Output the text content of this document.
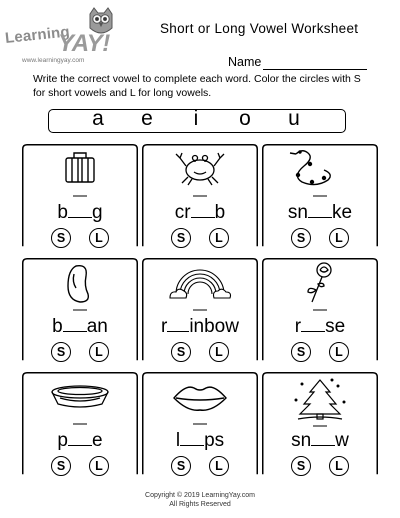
Learning
YAY!
www.learningyay.com
Short or Long Vowel Worksheet
Name
Write the correct vowel to complete each word. Color the circles with S for short vowels and L for long vowels.
a e i o u
b g
S	L
cr b
S	L
sn ke
S	L
b an
S	L
r inbow
S	L
r se
S	L
p e
S	L
l ps
S	L
sn w
S	L
Copyright © 2019 LearningYay.com
All Rights Reserved
